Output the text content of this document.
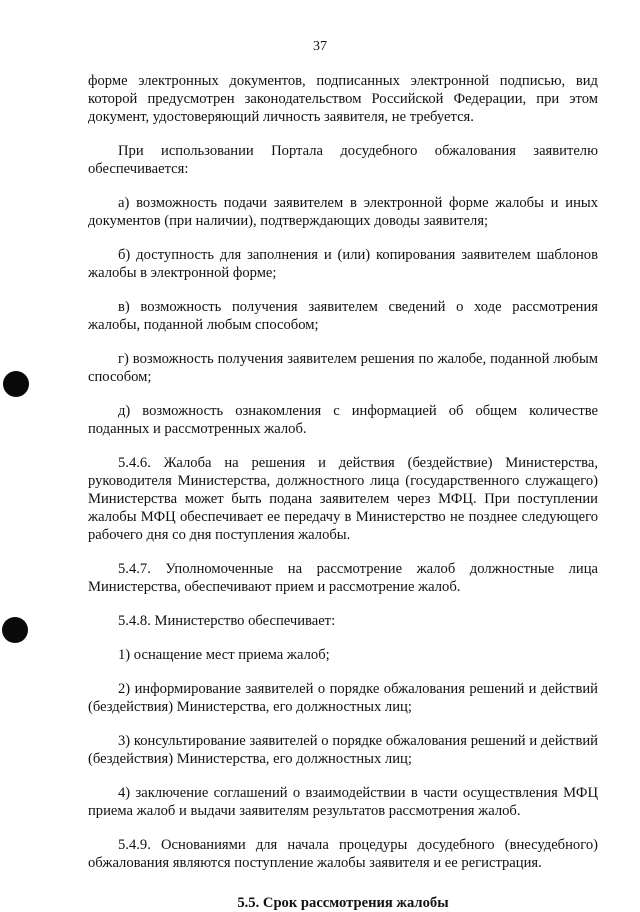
37

форме электронных документов, подписанных электронной подписью, вид которой предусмотрен законодательством Российской Федерации, при этом документ, удостоверяющий личность заявителя, не требуется.

При использовании Портала досудебного обжалования заявителю обеспечивается:

а) возможность подачи заявителем в электронной форме жалобы и иных документов (при наличии), подтверждающих доводы заявителя;

б) доступность для заполнения и (или) копирования заявителем шаблонов жалобы в электронной форме;

в) возможность получения заявителем сведений о ходе рассмотрения жалобы, поданной любым способом;

г) возможность получения заявителем решения по жалобе, поданной любым способом;

д) возможность ознакомления с информацией об общем количестве поданных и рассмотренных жалоб.

5.4.6. Жалоба на решения и действия (бездействие) Министерства, руководителя Министерства, должностного лица (государственного служащего) Министерства может быть подана заявителем через МФЦ. При поступлении жалобы МФЦ обеспечивает ее передачу в Министерство не позднее следующего рабочего дня со дня поступления жалобы.

5.4.7. Уполномоченные на рассмотрение жалоб должностные лица Министерства, обеспечивают прием и рассмотрение жалоб.

5.4.8. Министерство обеспечивает:

1) оснащение мест приема жалоб;

2) информирование заявителей о порядке обжалования решений и действий (бездействия) Министерства, его должностных лиц;

3) консультирование заявителей о порядке обжалования решений и действий (бездействия) Министерства, его должностных лиц;

4) заключение соглашений о взаимодействии в части осуществления МФЦ приема жалоб и выдачи заявителям результатов рассмотрения жалоб.

5.4.9. Основаниями для начала процедуры досудебного (внесудебного) обжалования являются поступление жалобы заявителя и ее регистрация.

5.5. Срок рассмотрения жалобы
